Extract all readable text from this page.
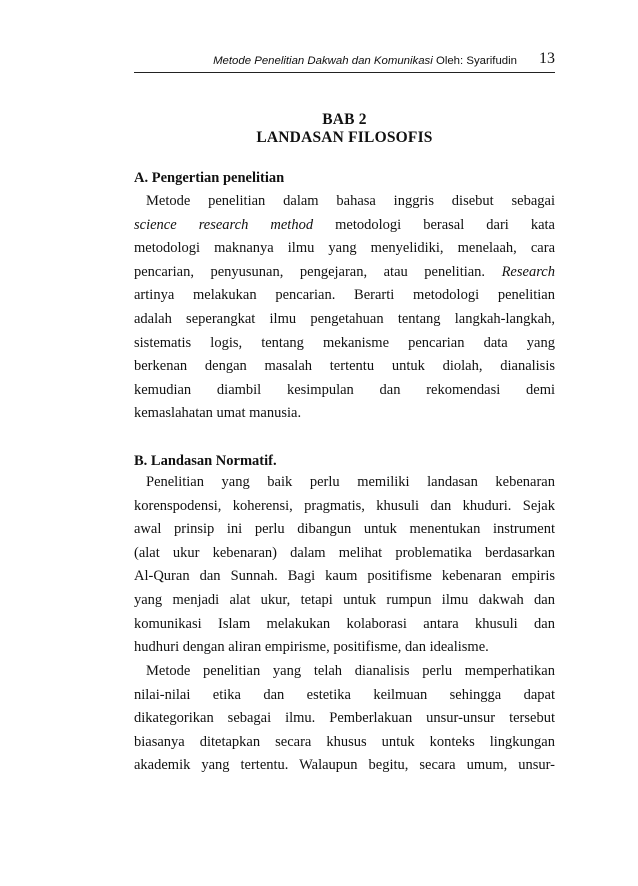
Metode Penelitian Dakwah dan Komunikasi Oleh: Syarifudin 13
BAB 2
LANDASAN FILOSOFIS
A. Pengertian penelitian
Metode penelitian dalam bahasa inggris disebut sebagai
science research method metodologi berasal dari kata
metodologi maknanya ilmu yang menyelidiki, menelaah, cara
pencarian, penyusunan, pengejaran, atau penelitian. Research
artinya melakukan pencarian. Berarti metodologi penelitian
adalah seperangkat ilmu pengetahuan tentang langkah-langkah,
sistematis logis, tentang mekanisme pencarian data yang
berkenan dengan masalah tertentu untuk diolah, dianalisis
kemudian diambil kesimpulan dan rekomendasi demi
kemaslahatan umat manusia.
B. Landasan Normatif.
Penelitian yang baik perlu memiliki landasan kebenaran
korenspodensi, koherensi, pragmatis, khusuli dan khuduri. Sejak
awal prinsip ini perlu dibangun untuk menentukan instrument
(alat ukur kebenaran) dalam melihat problematika berdasarkan
Al-Quran dan Sunnah. Bagi kaum positifisme kebenaran empiris
yang menjadi alat ukur, tetapi untuk rumpun ilmu dakwah dan
komunikasi Islam melakukan kolaborasi antara khusuli dan
hudhuri dengan aliran empirisme, positifisme, dan idealisme.
Metode penelitian yang telah dianalisis perlu memperhatikan
nilai-nilai etika dan estetika keilmuan sehingga dapat
dikategorikan sebagai ilmu. Pemberlakuan unsur-unsur tersebut
biasanya ditetapkan secara khusus untuk konteks lingkungan
akademik yang tertentu. Walaupun begitu, secara umum, unsur-
